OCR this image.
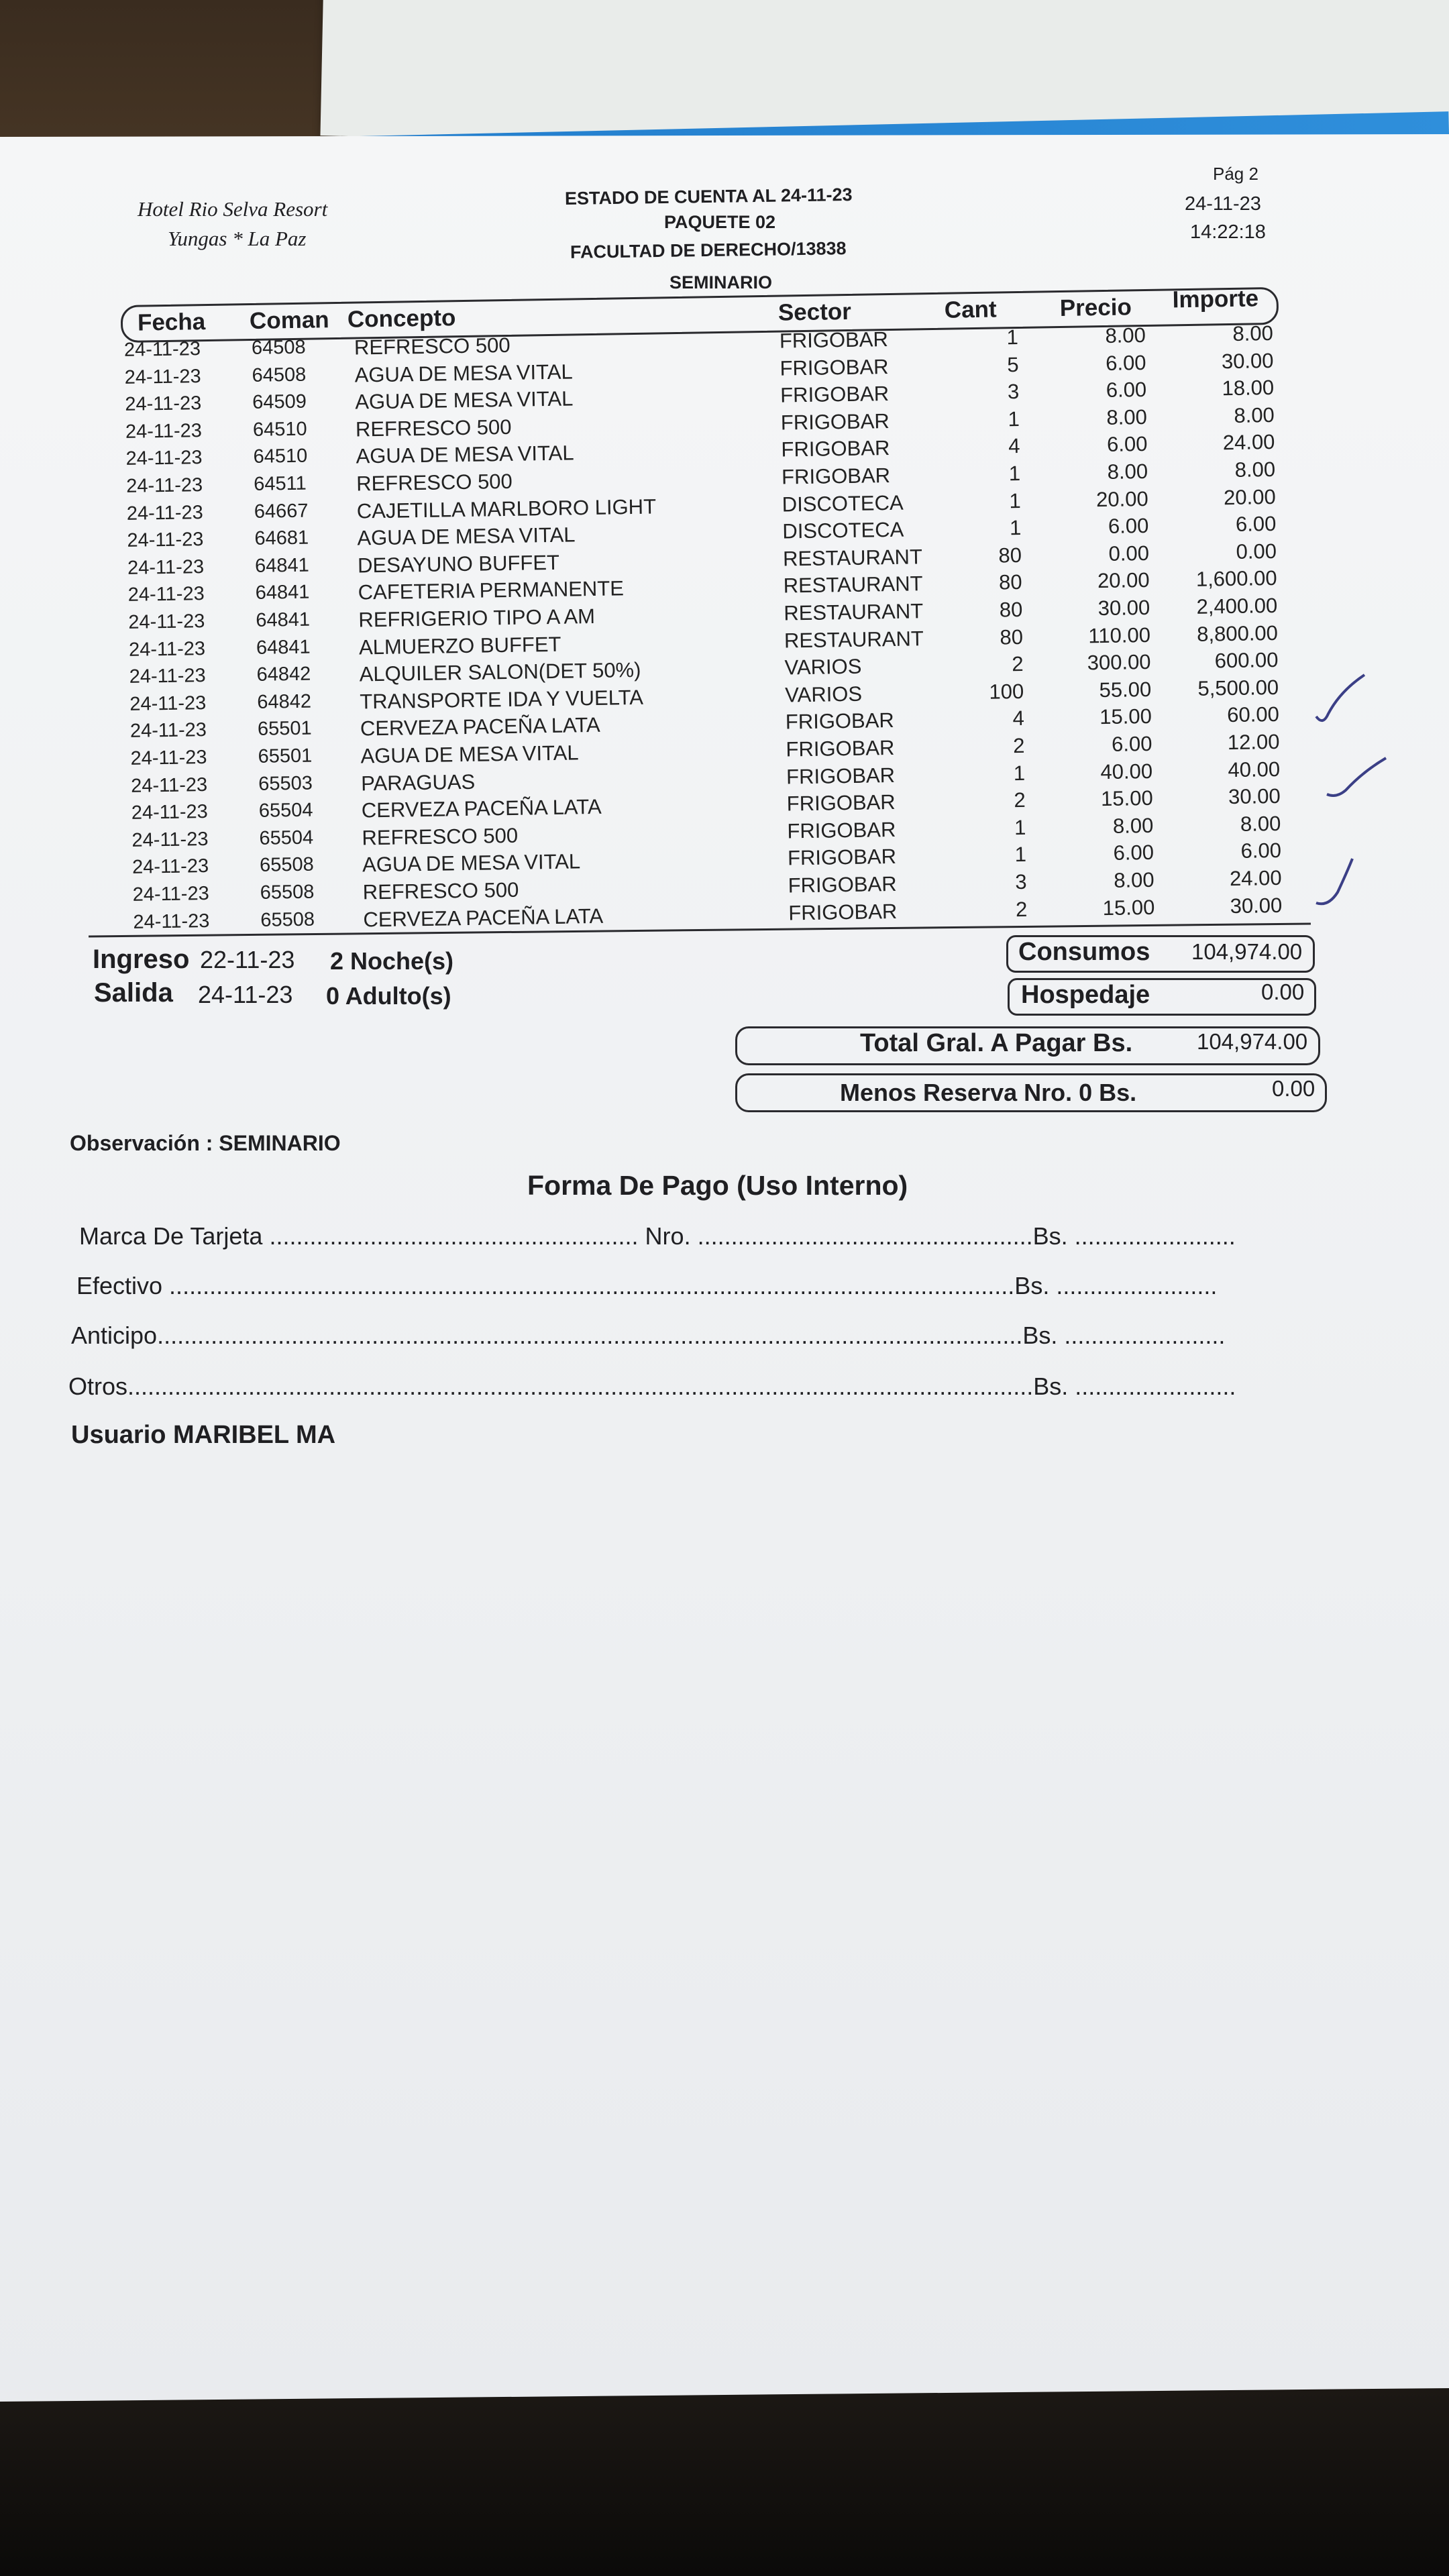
Hotel Rio Selva Resort
Yungas * La Paz
ESTADO DE CUENTA AL 24-11-23
PAQUETE 02
FACULTAD DE DERECHO/13838
SEMINARIO
Pág 2
24-11-23
14:22:18
Fecha Coman Concepto	Sector	Cant	Precio Importe
24-11-23	64508 REFRESCO 500	FRIGOBAR	1	8.00	8.00
24-11-23	64508 AGUA DE MESA VITAL	FRIGOBAR	5	6.00	30.00
24-11-23	64509 AGUA DE MESA VITAL	FRIGOBAR	3	6.00	18.00
24-11-23	64510 REFRESCO 500	FRIGOBAR	1	8.00	8.00
24-11-23	64510 AGUA DE MESA VITAL	FRIGOBAR	4	6.00	24.00
24-11-23	64511 REFRESCO 500	FRIGOBAR	1	8.00	8.00
24-11-23	64667 CAJETILLA MARLBORO LIGHT	DISCOTECA	1	20.00	20.00
24-11-23	64681 AGUA DE MESA VITAL	DISCOTECA	1	6.00	6.00
24-11-23	64841 DESAYUNO BUFFET	RESTAURANT	80	0.00	0.00
24-11-23	64841 CAFETERIA PERMANENTE	RESTAURANT	80	20.00 1,600.00
24-11-23	64841 REFRIGERIO TIPO A AM	RESTAURANT	80	30.00 2,400.00
24-11-23	64841 ALMUERZO BUFFET	RESTAURANT	80	110.00 8,800.00
24-11-23	64842 ALQUILER SALON(DET 50%)	VARIOS	2	300.00	600.00
24-11-23	64842 TRANSPORTE IDA Y VUELTA	VARIOS	100	55.00 5,500.00
24-11-23	65501 CERVEZA PACEÑA LATA	FRIGOBAR	4	15.00	60.00
24-11-23	65501 AGUA DE MESA VITAL	FRIGOBAR	2	6.00	12.00
24-11-23	65503 PARAGUAS	FRIGOBAR	1	40.00	40.00
24-11-23	65504 CERVEZA PACEÑA LATA	FRIGOBAR	2	15.00	30.00
24-11-23	65504 REFRESCO 500	FRIGOBAR	1	8.00	8.00
24-11-23	65508 AGUA DE MESA VITAL	FRIGOBAR	1	6.00	6.00
24-11-23	65508 REFRESCO 500	FRIGOBAR	3	8.00	24.00
24-11-23	65508 CERVEZA PACEÑA LATA	FRIGOBAR	2	15.00	30.00
Ingreso 22-11-23 2 Noche(s)
Salida 24-11-23 0 Adulto(s)
Consumos 104,974.00
Hospedaje	0.00
Total Gral. A Pagar Bs.	104,974.00
Menos Reserva Nro. 0 Bs.	0.00
Observación : SEMINARIO
Forma De Pago (Uso Interno)
Marca De Tarjeta ....................................................... Nro. ..................................................Bs. ........................
Efectivo ..............................................................................................................................Bs. ........................
Anticipo.................................................................................................................................Bs. ........................
Otros.......................................................................................................................................Bs. ........................
Usuario MARIBEL MA
